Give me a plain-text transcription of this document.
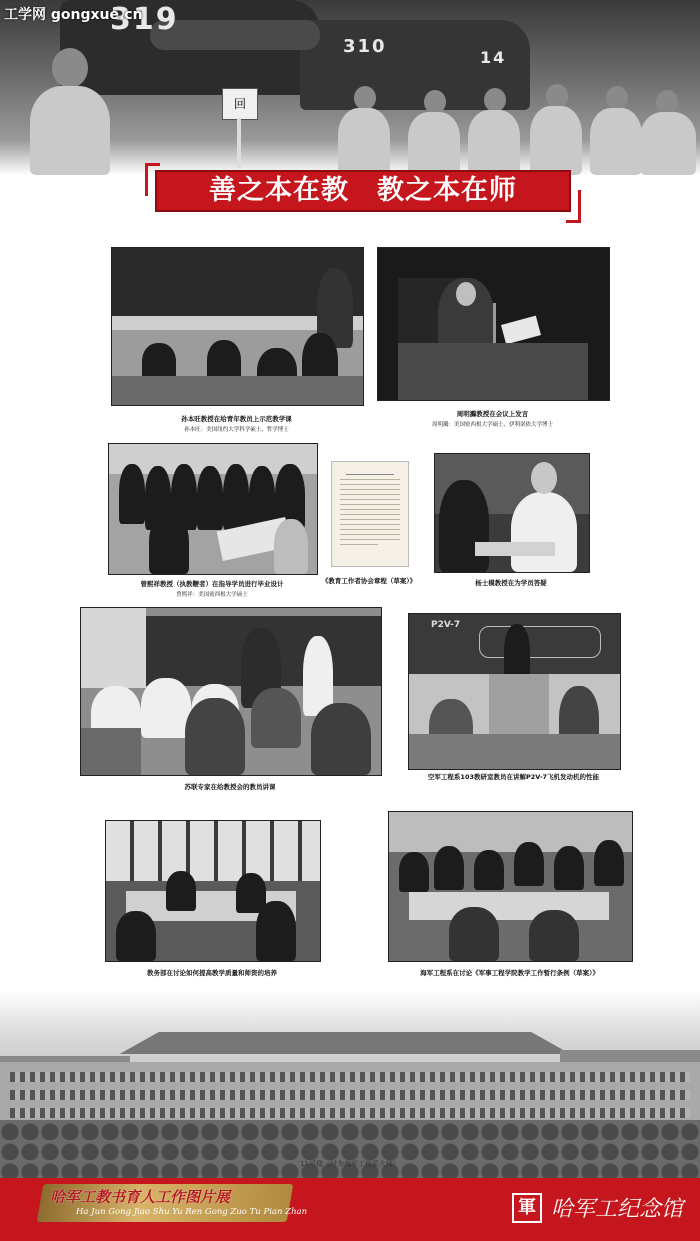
319
310
14
回
工学网 gongxue.cn
善之本在教　教之本在师
孙本旺教授在给青年教员上示范教学课
孙本旺：美国纽约大学科学硕士、哲学博士
周明鸂教授在会议上发言
周明鸂：美国密西根大学硕士、伊利诺依大学博士
曾熙祥教授（执教鞭者）在指导学员进行毕业设计
曾熙祥：美国密西根大学硕士
《教育工作者协会章程（草案）》	杨士模教授在为学员答疑
苏联专家在给教授会的教员讲课
P2V-7
空军工程系103教研室教员在讲解P2V-7飞机发动机的性能
教务部在讨论如何提高教学质量和师资的培养	海军工程系在讨论《军事工程学院教学工作暂行条例（草案）》
11号楼（时为海军工程系大楼）
哈军工教书育人工作图片展
Ha Jun Gong Jiao Shu Yu Ren Gong Zuo Tu Pian Zhan	軍 哈军工纪念馆
